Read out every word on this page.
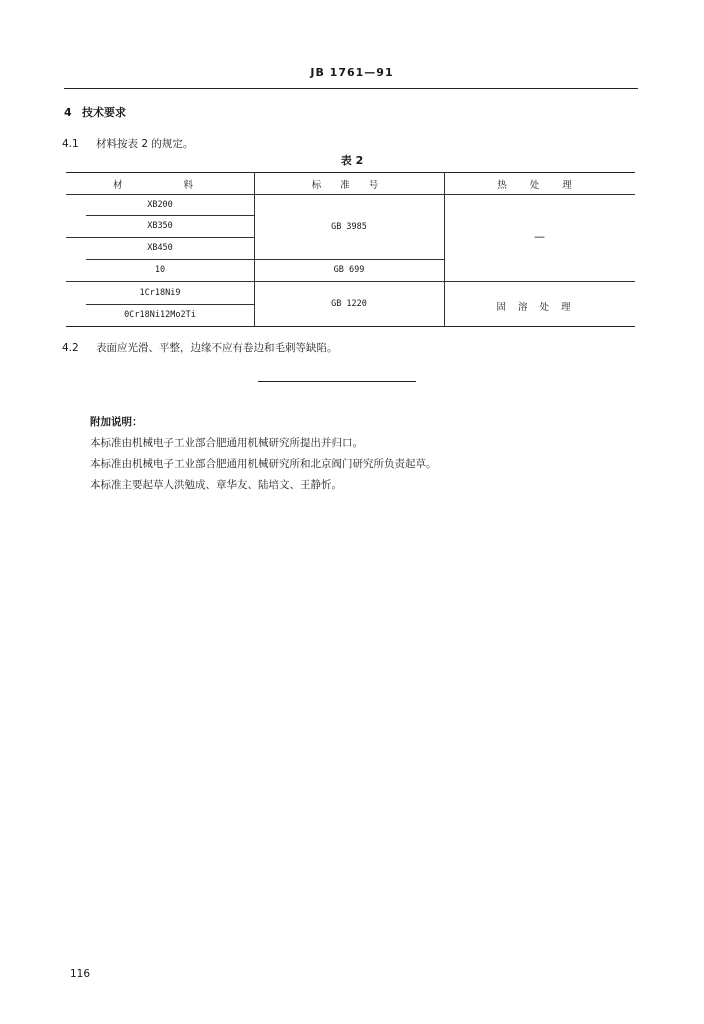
JB 1761—91
4 技术要求
4.1 材料按表 2 的规定。
表 2
材　　料	标 准 号	热 处 理
XB200
XB350
XB450
10
1Cr18Ni9
0Cr18Ni12Mo2Ti
GB 3985
GB 699
GB 1220
—
固溶处理
4.2 表面应光滑、平整，边缘不应有卷边和毛刺等缺陷。
附加说明：
本标准由机械电子工业部合肥通用机械研究所提出并归口。
本标准由机械电子工业部合肥通用机械研究所和北京阀门研究所负责起草。
本标准主要起草人洪勉成、章华友、陆培文、王静忻。
116
